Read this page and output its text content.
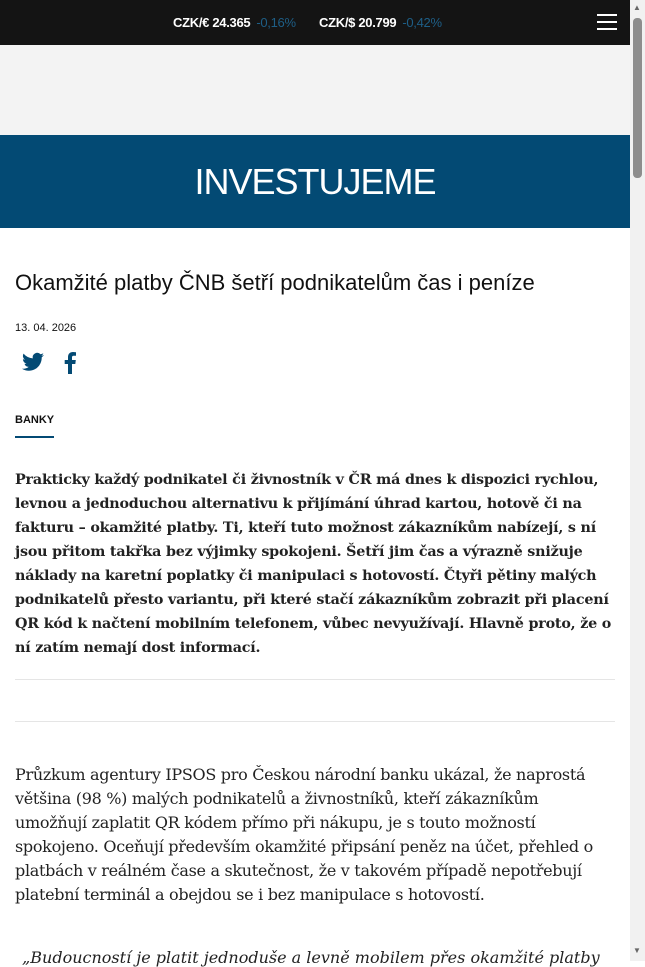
CZK/€ 24.365 -0,16% CZK/$ 20.799 -0,42%
INVESTUJEME
Okamžité platby ČNB šetří podnikatelům čas i peníze
13. 04. 2026
BANKY

Prakticky každý podnikatel či živnostník v ČR má dnes k dispozici rychlou, levnou a jednoduchou alternativu k přijímání úhrad kartou, hotově či na fakturu – okamžité platby. Ti, kteří tuto možnost zákazníkům nabízejí, s ní jsou přitom takřka bez výjimky spokojeni. Šetří jim čas a výrazně snižuje náklady na karetní poplatky či manipulaci s hotovostí. Čtyři pětiny malých podnikatelů přesto variantu, při které stačí zákazníkům zobrazit při placení QR kód k načtení mobilním telefonem, vůbec nevyužívají. Hlavně proto, že o ní zatím nemají dost informací.

Průzkum agentury IPSOS pro Českou národní banku ukázal, že naprostá většina (98 %) malých podnikatelů a živnostníků, kteří zákazníkům umožňují zaplatit QR kódem přímo při nákupu, je s touto možností spokojeno. Oceňují především okamžité připsání peněz na účet, přehled o platbách v reálném čase a skutečnost, že v takovém případě nepotřebují platební terminál a obejdou se i bez manipulace s hotovostí.

„Budoucností je platit jednoduše a levně mobilem přes okamžité platby
▲
▼
